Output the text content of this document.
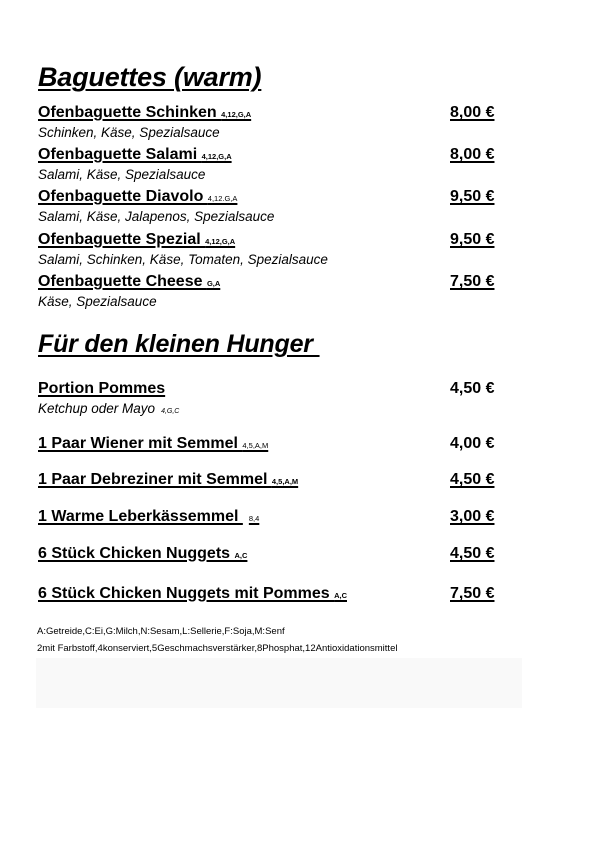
Baguettes (warm)
Ofenbaguette Schinken 4,12,G,A	8,00 €
Schinken, Käse, Spezialsauce
Ofenbaguette Salami 4,12,G,A	8,00 €
Salami, Käse, Spezialsauce
Ofenbaguette Diavolo 4,12.G,A	9,50 €
Salami, Käse, Jalapenos, Spezialsauce
Ofenbaguette Spezial 4,12,G,A	9,50 €
Salami, Schinken, Käse, Tomaten, Spezialsauce
Ofenbaguette Cheese G,A	7,50 €
Käse, Spezialsauce
Für den kleinen Hunger
Portion Pommes	4,50 €
Ketchup oder Mayo 4,G,C
1 Paar Wiener mit Semmel 4,5,A,M	4,00 €
1 Paar Debreziner mit Semmel 4,5,A,M	4,50 €
1 Warme Leberkässemmel 8,4	3,00 €
6 Stück Chicken Nuggets A,C	4,50 €
6 Stück Chicken Nuggets mit Pommes A,C	7,50 €
A:Getreide,C:Ei,G:Milch,N:Sesam,L:Sellerie,F:Soja,M:Senf
2mit Farbstoff,4konserviert,5Geschmachsverstärker,8Phosphat,12Antioxidationsmittel
